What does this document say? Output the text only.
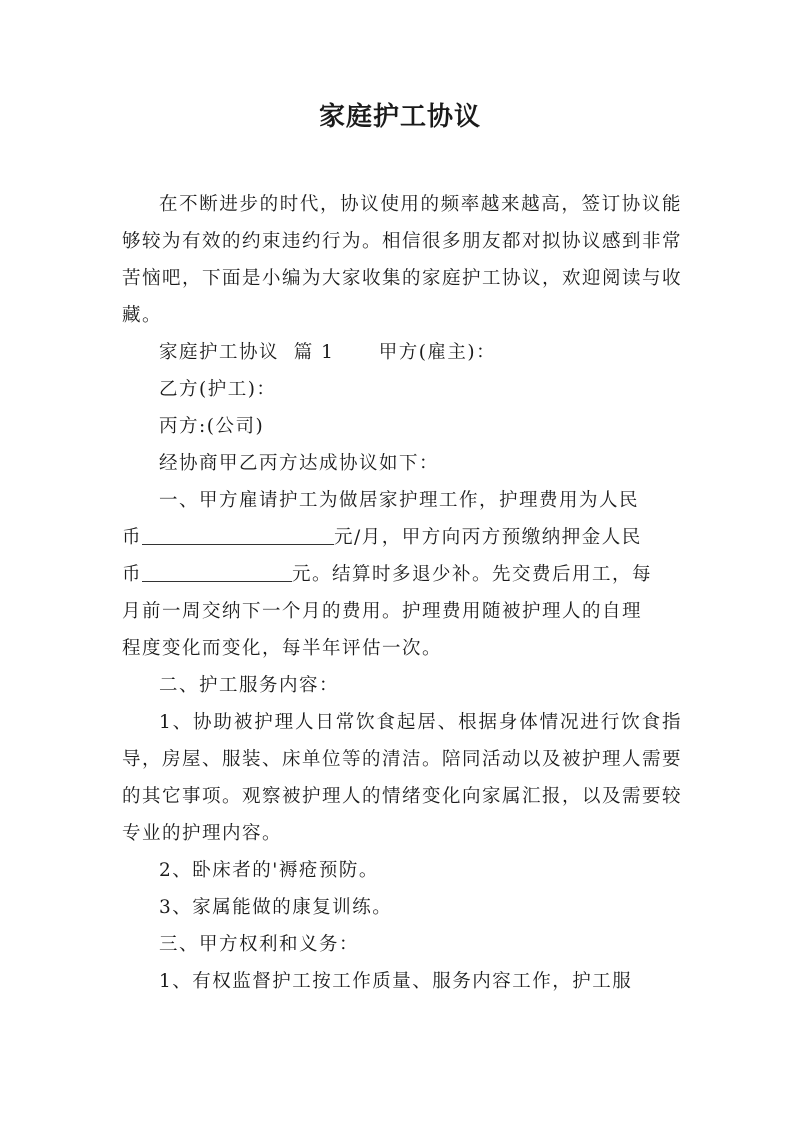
家庭护工协议

在不断进步的时代，协议使用的频率越来越高，签订协议能够较为有效的约束违约行为。相信很多朋友都对拟协议感到非常苦恼吧，下面是小编为大家收集的家庭护工协议，欢迎阅读与收藏。

家庭护工协议  篇 1      甲方(雇主)：

乙方(护工)：

丙方:(公司)

经协商甲乙丙方达成协议如下：

一、甲方雇请护工为做居家护理工作，护理费用为人民

币	元/月，甲方向丙方预缴纳押金人民

币	元。结算时多退少补。先交费后用工，每

月前一周交纳下一个月的费用。护理费用随被护理人的自理

程度变化而变化，每半年评估一次。

二、护工服务内容：

1、协助被护理人日常饮食起居、根据身体情况进行饮食指导，房屋、服装、床单位等的清洁。陪同活动以及被护理人需要的其它事项。观察被护理人的情绪变化向家属汇报，以及需要较专业的护理内容。

2、卧床者的'褥疮预防。

3、家属能做的康复训练。

三、甲方权利和义务：

1、有权监督护工按工作质量、服务内容工作，护工服
